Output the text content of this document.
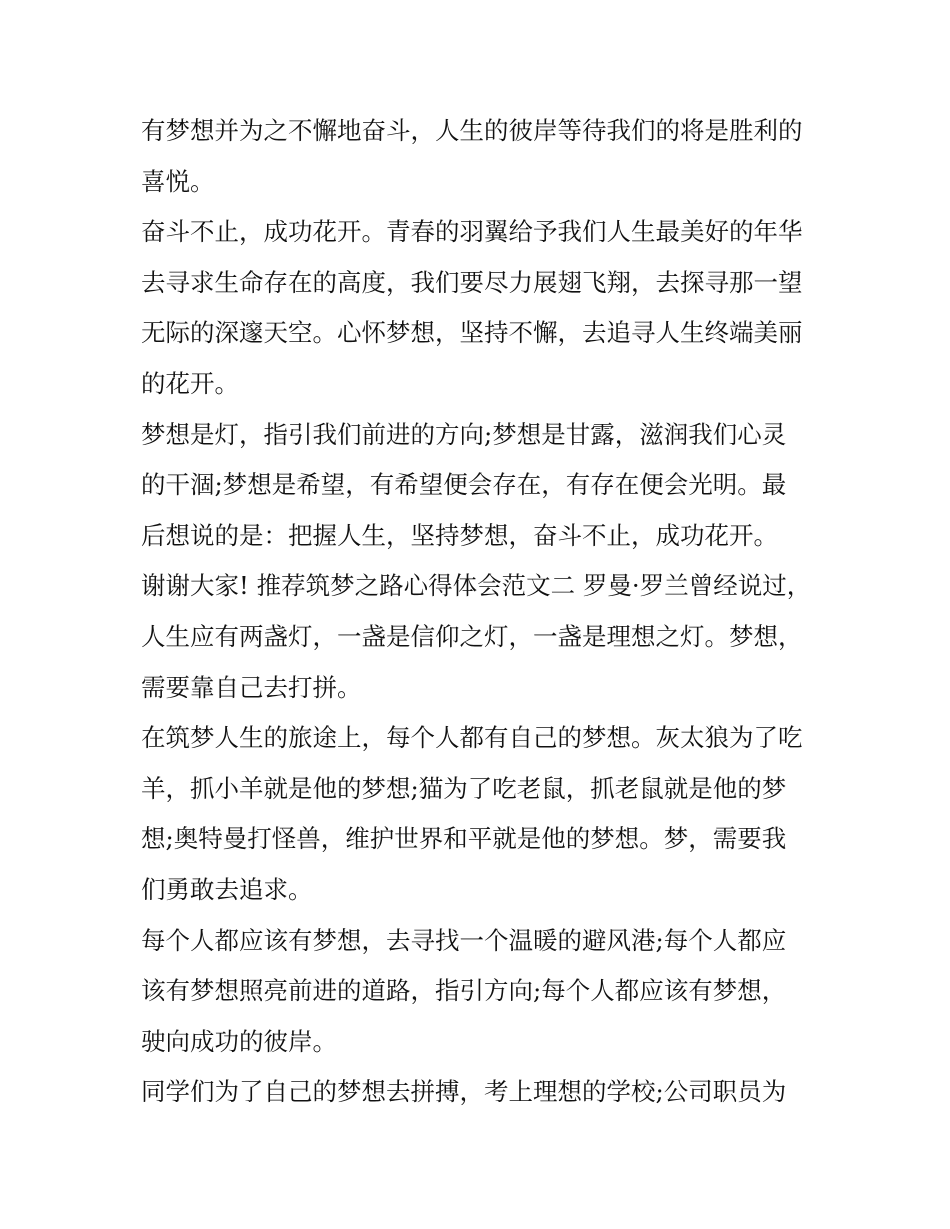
有梦想并为之不懈地奋斗，人生的彼岸等待我们的将是胜利的
喜悦。

奋斗不止，成功花开。青春的羽翼给予我们人生最美好的年华
去寻求生命存在的高度，我们要尽力展翅飞翔，去探寻那一望
无际的深邃天空。心怀梦想，坚持不懈，去追寻人生终端美丽
的花开。

梦想是灯，指引我们前进的方向;梦想是甘露，滋润我们心灵
的干涸;梦想是希望，有希望便会存在，有存在便会光明。最
后想说的是：把握人生，坚持梦想，奋斗不止，成功花开。

谢谢大家! 推荐筑梦之路心得体会范文二 罗曼·罗兰曾经说过，
人生应有两盏灯，一盏是信仰之灯，一盏是理想之灯。梦想，
需要靠自己去打拼。

在筑梦人生的旅途上，每个人都有自己的梦想。灰太狼为了吃
羊，抓小羊就是他的梦想;猫为了吃老鼠，抓老鼠就是他的梦
想;奥特曼打怪兽，维护世界和平就是他的梦想。梦，需要我
们勇敢去追求。

每个人都应该有梦想，去寻找一个温暖的避风港;每个人都应
该有梦想照亮前进的道路，指引方向;每个人都应该有梦想，
驶向成功的彼岸。

同学们为了自己的梦想去拼搏，考上理想的学校;公司职员为
